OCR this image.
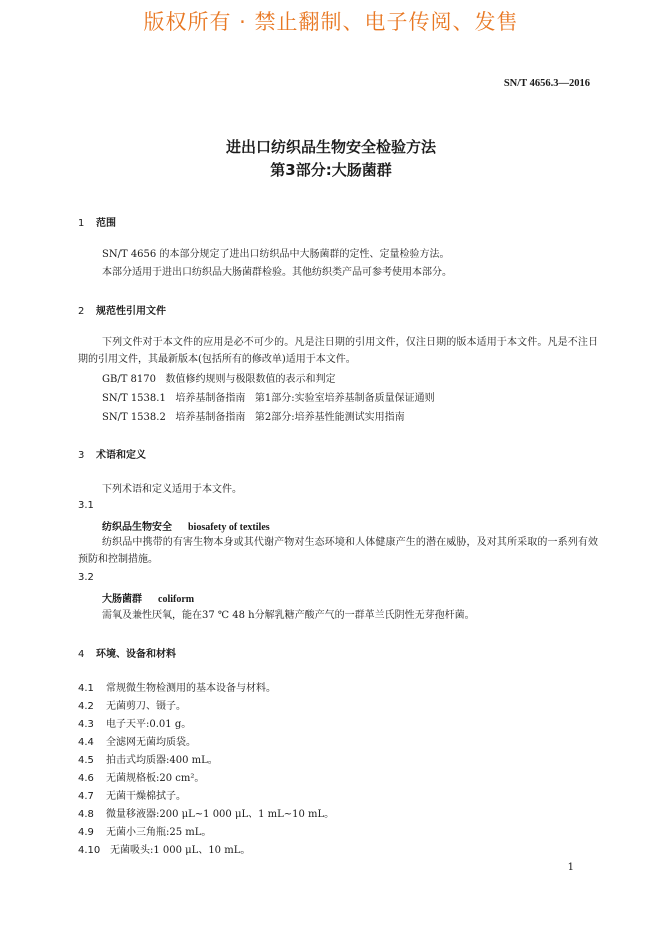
版权所有 · 禁止翻制、电子传阅、发售
SN/T 4656.3—2016
进出口纺织品生物安全检验方法
第3部分:大肠菌群
1 范围
SN/T 4656 的本部分规定了进出口纺织品中大肠菌群的定性、定量检验方法。
本部分适用于进出口纺织品大肠菌群检验。其他纺织类产品可参考使用本部分。
2 规范性引用文件
下列文件对于本文件的应用是必不可少的。凡是注日期的引用文件，仅注日期的版本适用于本文件。凡是不注日期的引用文件，其最新版本(包括所有的修改单)适用于本文件。
GB/T 8170   数值修约规则与极限数值的表示和判定
SN/T 1538.1   培养基制备指南   第1部分:实验室培养基制备质量保证通则
SN/T 1538.2   培养基制备指南   第2部分:培养基性能测试实用指南
3 术语和定义
下列术语和定义适用于本文件。
3.1
纺织品生物安全 biosafety of textiles
纺织品中携带的有害生物本身或其代谢产物对生态环境和人体健康产生的潜在威胁，及对其所采取的一系列有效预防和控制措施。
3.2
大肠菌群 coliform
需氧及兼性厌氧，能在37 ℃ 48 h分解乳糖产酸产气的一群革兰氏阴性无芽孢杆菌。
4 环境、设备和材料
4.1 常规微生物检测用的基本设备与材料。
4.2 无菌剪刀、镊子。
4.3 电子天平:0.01 g。
4.4 全滤网无菌均质袋。
4.5 拍击式均质器:400 mL。
4.6 无菌规格板:20 cm²。
4.7 无菌干燥棉拭子。
4.8 微量移液器:200 μL~1 000 μL、1 mL~10 mL。
4.9 无菌小三角瓶:25 mL。
4.10 无菌吸头:1 000 μL、10 mL。
1
